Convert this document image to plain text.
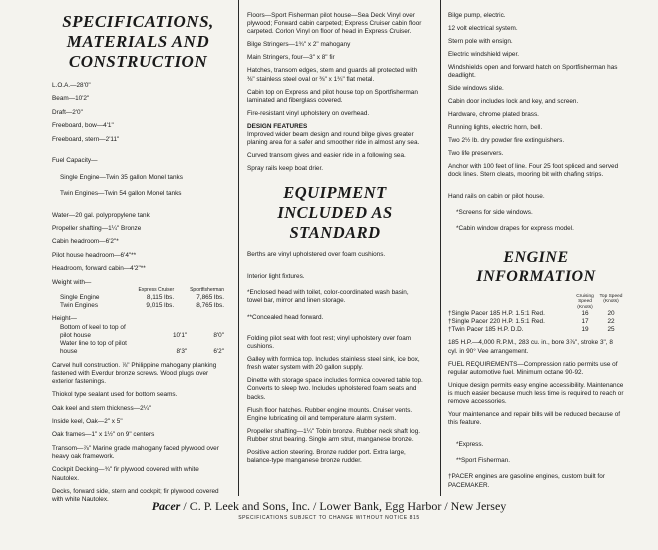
SPECIFICATIONS,
MATERIALS AND
CONSTRUCTION

L.O.A.—28'0"

Beam—10'2"

Draft—2'0"

Freeboard, bow—4'1"

Freeboard, stern—2'11"

Fuel Capacity—

Single Engine—Twin 35 gallon Monel tanks

Twin Engines—Twin 54 gallon Monel tanks

Water—20 gal. polypropylene tank

Propeller shafting—1¼" Bronze

Cabin headroom—6'2"*

Pilot house headroom—6'4"**

Headroom, forward cabin—4'2"**

Weight with—		
	Express Cruiser	Sportfisherman
Single Engine	8,115 lbs.	7,865 lbs.
Twin Engines	9,015 lbs.	8,765 lbs.
Height—		
Bottom of keel to top of pilot house	10'1"	8'0"
Water line to top of pilot house	8'3"	6'2"

Carvel hull construction. ⅞" Philippine mahogany planking fastened with Everdur bronze screws. Wood plugs over exterior fastenings.

Thiokol type sealant used for bottom seams.

Oak keel and stem thickness—2¼"

Inside keel, Oak—2" x 5"

Oak frames—1" x 1½" on 9" centers

Transom—⅞" Marine grade mahogany faced plywood over heavy oak framework.

Cockpit Decking—¾" fir plywood covered with white Nautolex.

Decks, forward side, stern and cockpit; fir plywood covered with white Nautolex.

Floors—Sport Fisherman pilot house—Sea Deck Vinyl over plywood; Forward cabin carpeted; Express Cruiser cabin floor carpeted. Corlon Vinyl on floor of head in Express Cruiser.

Bilge Stringers—1¾" x 2" mahogany

Main Stringers, four—3" x 8" fir

Hatches, transom edges, stem and guards all protected with ⅜" stainless steel oval or ⅜" x 1¾" flat metal.

Cabin top on Express and pilot house top on Sportfisherman laminated and fiberglass covered.

Fire-resistant vinyl upholstery on overhead.

DESIGN FEATURES

Improved wider beam design and round bilge gives greater planing area for a safer and smoother ride in almost any sea.

Curved transom gives and easier ride in a following sea.

Spray rails keep boat drier.

EQUIPMENT
INCLUDED AS
STANDARD

Berths are vinyl upholstered over foam cushions.

Interior light fixtures.

*Enclosed head with toilet, color-coordinated wash basin, towel bar, mirror and linen storage.

**Concealed head forward.

Folding pilot seat with foot rest; vinyl upholstery over foam cushions.

Galley with formica top. Includes stainless steel sink, ice box, fresh water system with 20 gallon supply.

Dinette with storage space includes formica covered table top. Converts to sleep two. Includes upholstered foam seats and backs.

Flush floor hatches. Rubber engine mounts. Cruiser vents. Engine lubricating oil and temperature alarm system.

Propeller shafting—1¼" Tobin bronze. Rubber neck shaft log. Rubber strut bearing. Single arm strut, manganese bronze.

Positive action steering. Bronze rudder port. Extra large, balance-type manganese bronze rudder.

Bilge pump, electric.

12 volt electrical system.

Stern pole with ensign.

Electric windshield wiper.

Windshields open and forward hatch on Sportfisherman has deadlight.

Side windows slide.

Cabin door includes lock and key, and screen.

Hardware, chrome plated brass.

Running lights, electric horn, bell.

Two 2½ lb. dry powder fire extinguishers.

Two life preservers.

Anchor with 100 feet of line. Four 25 foot spliced and served dock lines. Stern cleats, mooring bit with chafing strips.

Hand rails on cabin or pilot house.

*Screens for side windows.

*Cabin window drapes for express model.

ENGINE
INFORMATION
	Cruising Speed (Knots)	Top Speed (Knots)
†Single Pacer 185 H.P. 1.5:1 Red.	16	20
†Single Pacer 220 H.P. 1.5:1 Red.	17	22
†Twin Pacer 185 H.P. D.D.	19	25

185 H.P.—4,000 R.P.M., 283 cu. in., bore 3⅞", stroke 3", 8 cyl. in 90° Vee arrangement.

FUEL REQUIREMENTS—Compression ratio permits use of regular automotive fuel. Minimum octane 90-92.

Unique design permits easy engine accessibility. Maintenance is much easier because much less time is required to reach or remove accessories.

Your maintenance and repair bills will be reduced because of this feature.

*Express.

**Sport Fisherman.

†PACER engines are gasoline engines, custom built for PACEMAKER.

Pacer / C. P. Leek and Sons, Inc. / Lower Bank, Egg Harbor / New Jersey
SPECIFICATIONS SUBJECT TO CHANGE WITHOUT NOTICE 815
